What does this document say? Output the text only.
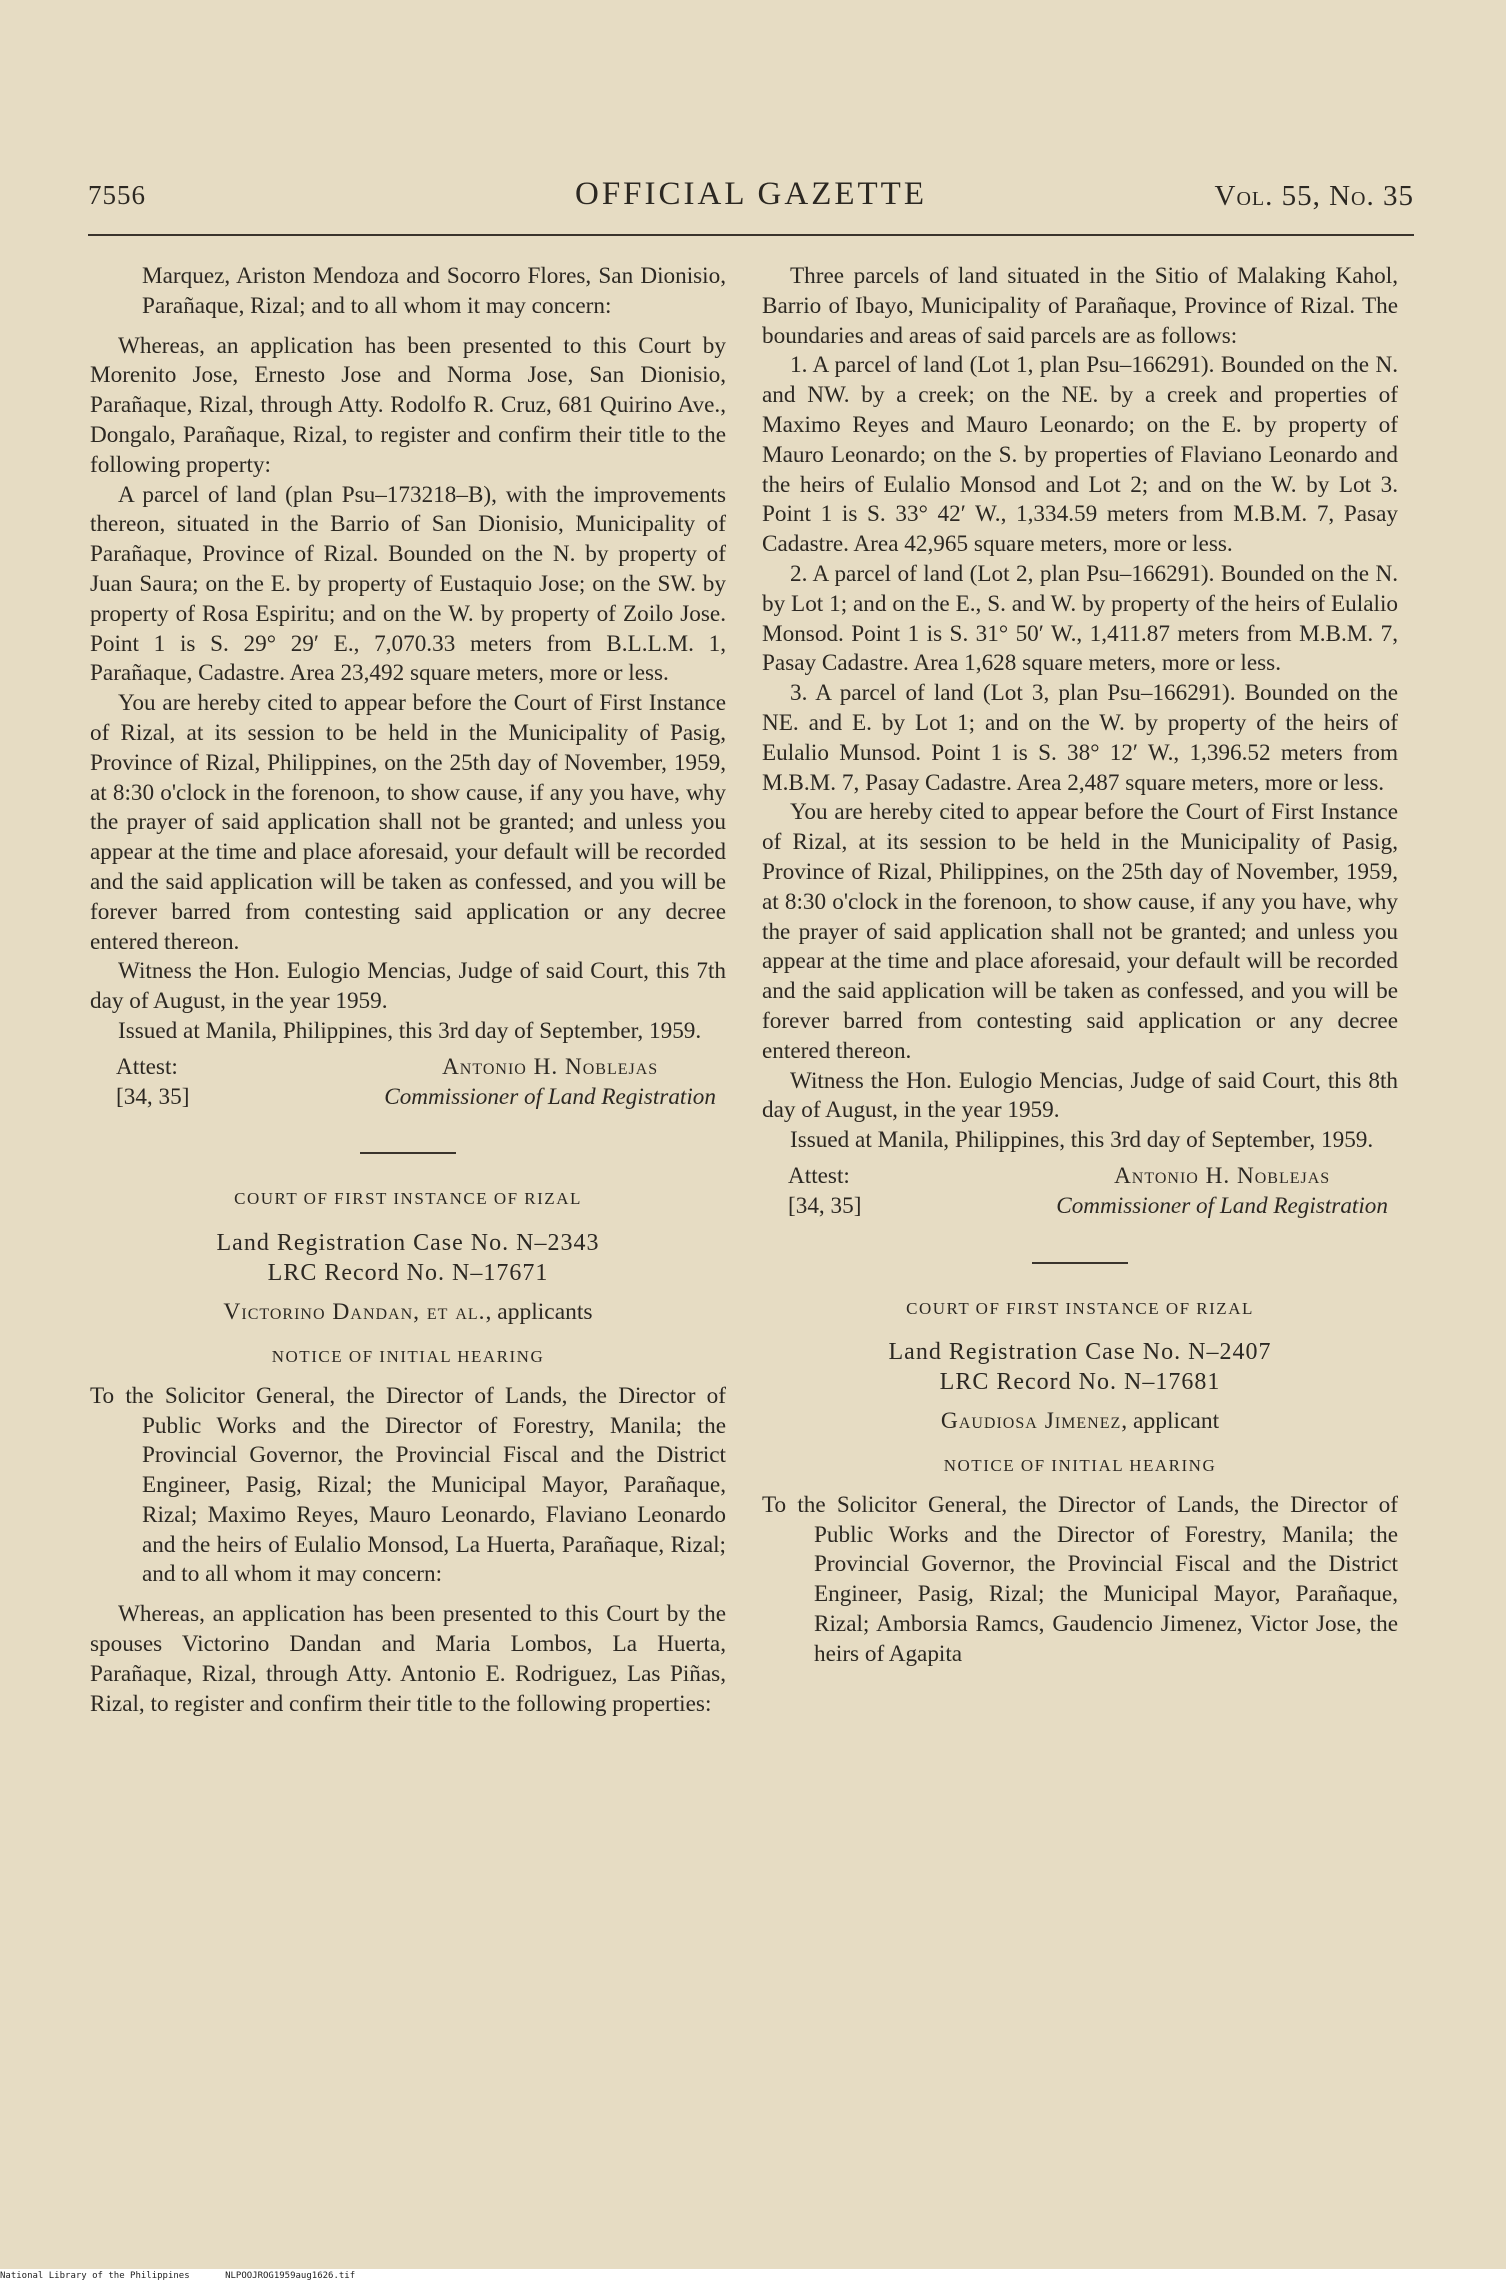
7556	OFFICIAL GAZETTE	Vol. 55, No. 35

Marquez, Ariston Mendoza and Socorro Flores, San Dionisio, Parañaque, Rizal; and to all whom it may concern:

Whereas, an application has been presented to this Court by Morenito Jose, Ernesto Jose and Norma Jose, San Dionisio, Parañaque, Rizal, through Atty. Rodolfo R. Cruz, 681 Quirino Ave., Dongalo, Parañaque, Rizal, to register and confirm their title to the following property:

A parcel of land (plan Psu–173218–B), with the improvements thereon, situated in the Barrio of San Dionisio, Municipality of Parañaque, Province of Rizal. Bounded on the N. by property of Juan Saura; on the E. by property of Eustaquio Jose; on the SW. by property of Rosa Espiritu; and on the W. by property of Zoilo Jose. Point 1 is S. 29° 29′ E., 7,070.33 meters from B.L.L.M. 1, Parañaque, Cadastre. Area 23,492 square meters, more or less.

You are hereby cited to appear before the Court of First Instance of Rizal, at its session to be held in the Municipality of Pasig, Province of Rizal, Philippines, on the 25th day of November, 1959, at 8:30 o'clock in the forenoon, to show cause, if any you have, why the prayer of said application shall not be granted; and unless you appear at the time and place aforesaid, your default will be recorded and the said application will be taken as confessed, and you will be forever barred from contesting said application or any decree entered thereon.

Witness the Hon. Eulogio Mencias, Judge of said Court, this 7th day of August, in the year 1959.

Issued at Manila, Philippines, this 3rd day of September, 1959.

Attest:
[34, 35]
Antonio H. Noblejas
Commissioner of Land Registration
COURT OF FIRST INSTANCE OF RIZAL
Land Registration Case No. N–2343
LRC Record No. N–17671
Victorino Dandan, et al., applicants
NOTICE OF INITIAL HEARING

To the Solicitor General, the Director of Lands, the Director of Public Works and the Director of Forestry, Manila; the Provincial Governor, the Provincial Fiscal and the District Engineer, Pasig, Rizal; the Municipal Mayor, Parañaque, Rizal; Maximo Reyes, Mauro Leonardo, Flaviano Leonardo and the heirs of Eulalio Monsod, La Huerta, Parañaque, Rizal; and to all whom it may concern:

Whereas, an application has been presented to this Court by the spouses Victorino Dandan and Maria Lombos, La Huerta, Parañaque, Rizal, through Atty. Antonio E. Rodriguez, Las Piñas, Rizal, to register and confirm their title to the following properties:

Three parcels of land situated in the Sitio of Malaking Kahol, Barrio of Ibayo, Municipality of Parañaque, Province of Rizal. The boundaries and areas of said parcels are as follows:

1. A parcel of land (Lot 1, plan Psu–166291). Bounded on the N. and NW. by a creek; on the NE. by a creek and properties of Maximo Reyes and Mauro Leonardo; on the E. by property of Mauro Leonardo; on the S. by properties of Flaviano Leonardo and the heirs of Eulalio Monsod and Lot 2; and on the W. by Lot 3. Point 1 is S. 33° 42′ W., 1,334.59 meters from M.B.M. 7, Pasay Cadastre. Area 42,965 square meters, more or less.

2. A parcel of land (Lot 2, plan Psu–166291). Bounded on the N. by Lot 1; and on the E., S. and W. by property of the heirs of Eulalio Monsod. Point 1 is S. 31° 50′ W., 1,411.87 meters from M.B.M. 7, Pasay Cadastre. Area 1,628 square meters, more or less.

3. A parcel of land (Lot 3, plan Psu–166291). Bounded on the NE. and E. by Lot 1; and on the W. by property of the heirs of Eulalio Munsod. Point 1 is S. 38° 12′ W., 1,396.52 meters from M.B.M. 7, Pasay Cadastre. Area 2,487 square meters, more or less.

You are hereby cited to appear before the Court of First Instance of Rizal, at its session to be held in the Municipality of Pasig, Province of Rizal, Philippines, on the 25th day of November, 1959, at 8:30 o'clock in the forenoon, to show cause, if any you have, why the prayer of said application shall not be granted; and unless you appear at the time and place aforesaid, your default will be recorded and the said application will be taken as confessed, and you will be forever barred from contesting said application or any decree entered thereon.

Witness the Hon. Eulogio Mencias, Judge of said Court, this 8th day of August, in the year 1959.

Issued at Manila, Philippines, this 3rd day of September, 1959.

Attest:
[34, 35]
Antonio H. Noblejas
Commissioner of Land Registration
COURT OF FIRST INSTANCE OF RIZAL
Land Registration Case No. N–2407
LRC Record No. N–17681
Gaudiosa Jimenez, applicant
NOTICE OF INITIAL HEARING

To the Solicitor General, the Director of Lands, the Director of Public Works and the Director of Forestry, Manila; the Provincial Governor, the Provincial Fiscal and the District Engineer, Pasig, Rizal; the Municipal Mayor, Parañaque, Rizal; Amborsia Ramcs, Gaudencio Jimenez, Victor Jose, the heirs of Agapita

National Library of the Philippines	NLPOOJROG1959aug1626.tif
